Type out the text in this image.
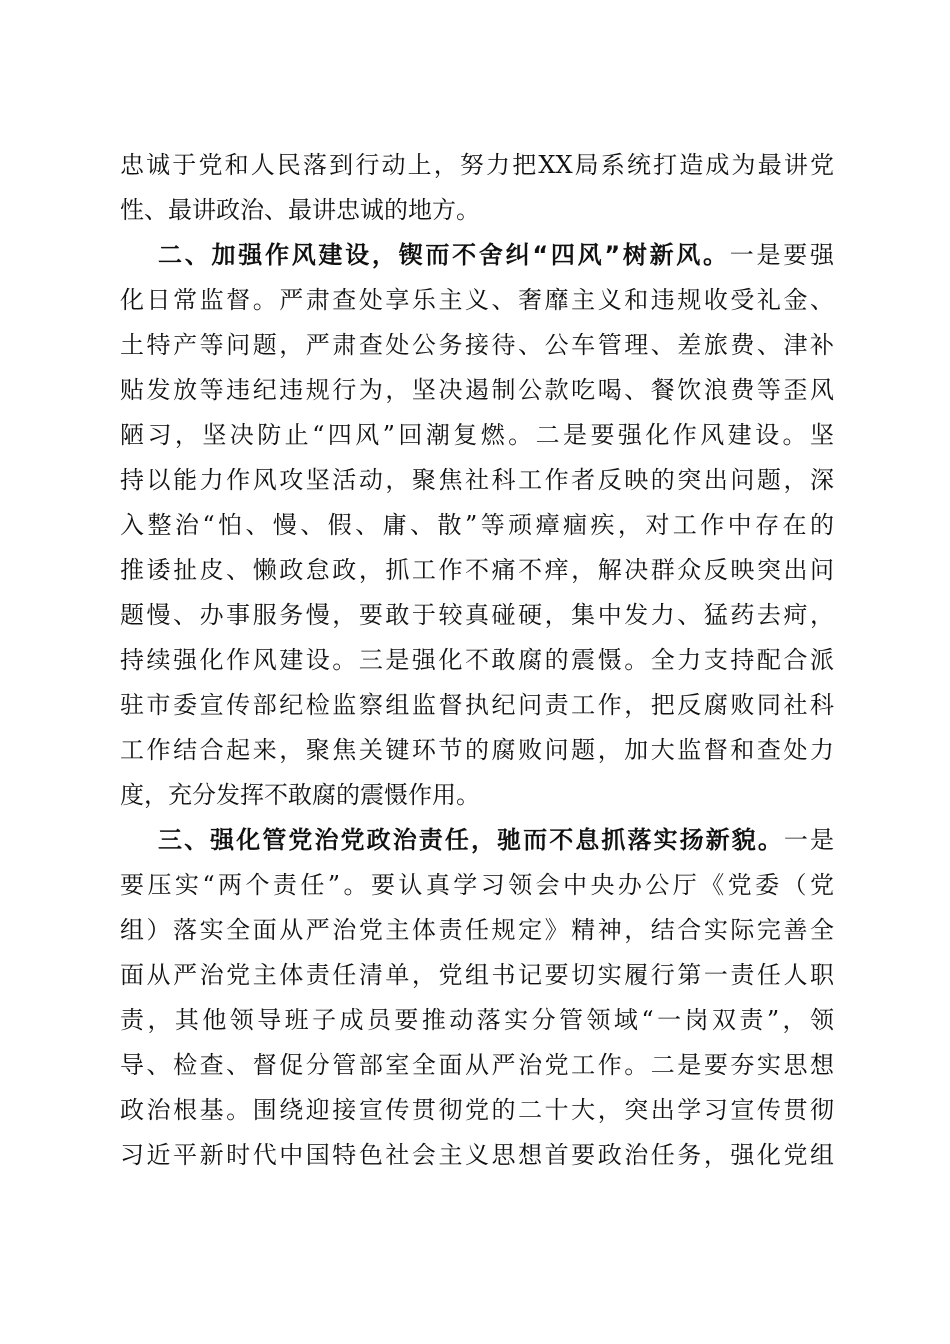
忠诚于党和人民落到行动上，努力把XX局系统打造成为最讲党
性、最讲政治、最讲忠诚的地方。
二、加强作风建设，锲而不舍纠“四风”树新风。一是要强
化日常监督。严肃查处享乐主义、奢靡主义和违规收受礼金、
土特产等问题，严肃查处公务接待、公车管理、差旅费、津补
贴发放等违纪违规行为，坚决遏制公款吃喝、餐饮浪费等歪风
陋习，坚决防止“四风”回潮复燃。二是要强化作风建设。坚
持以能力作风攻坚活动，聚焦社科工作者反映的突出问题，深
入整治“怕、慢、假、庸、散”等顽瘴痼疾，对工作中存在的
推诿扯皮、懒政怠政，抓工作不痛不痒，解决群众反映突出问
题慢、办事服务慢，要敢于较真碰硬，集中发力、猛药去疴，
持续强化作风建设。三是强化不敢腐的震慑。全力支持配合派
驻市委宣传部纪检监察组监督执纪问责工作，把反腐败同社科
工作结合起来，聚焦关键环节的腐败问题，加大监督和查处力
度，充分发挥不敢腐的震慑作用。
三、强化管党治党政治责任，驰而不息抓落实扬新貌。一是
要压实“两个责任”。要认真学习领会中央办公厅《党委（党
组）落实全面从严治党主体责任规定》精神，结合实际完善全
面从严治党主体责任清单，党组书记要切实履行第一责任人职
责，其他领导班子成员要推动落实分管领域“一岗双责”，领
导、检查、督促分管部室全面从严治党工作。二是要夯实思想
政治根基。围绕迎接宣传贯彻党的二十大，突出学习宣传贯彻
习近平新时代中国特色社会主义思想首要政治任务，强化党组
